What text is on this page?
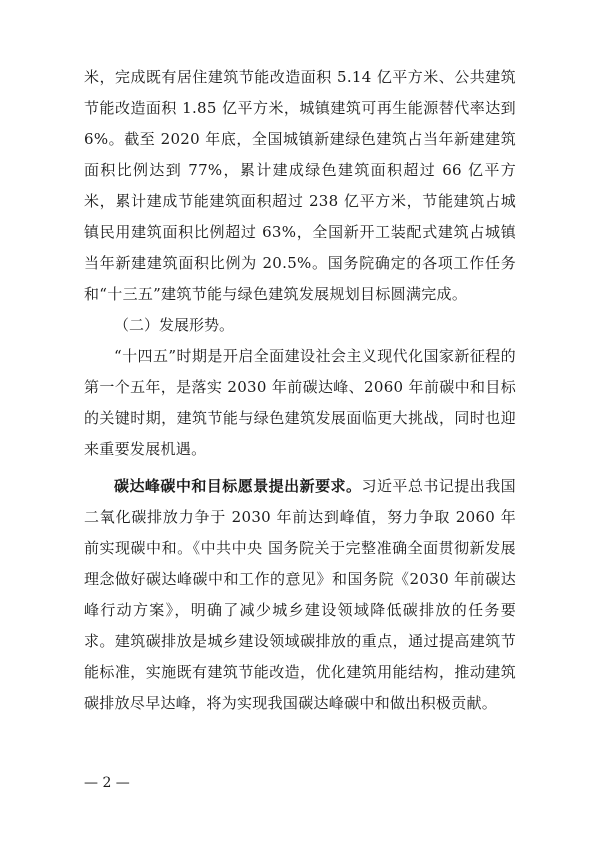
米，完成既有居住建筑节能改造面积 5.14 亿平方米、公共建筑节能改造面积 1.85 亿平方米，城镇建筑可再生能源替代率达到 6%。截至 2020 年底，全国城镇新建绿色建筑占当年新建建筑面积比例达到 77%，累计建成绿色建筑面积超过 66 亿平方米，累计建成节能建筑面积超过 238 亿平方米，节能建筑占城镇民用建筑面积比例超过 63%，全国新开工装配式建筑占城镇当年新建建筑面积比例为 20.5%。国务院确定的各项工作任务和“十三五”建筑节能与绿色建筑发展规划目标圆满完成。

（二）发展形势。

“十四五”时期是开启全面建设社会主义现代化国家新征程的第一个五年，是落实 2030 年前碳达峰、2060 年前碳中和目标的关键时期，建筑节能与绿色建筑发展面临更大挑战，同时也迎来重要发展机遇。

碳达峰碳中和目标愿景提出新要求。习近平总书记提出我国二氧化碳排放力争于 2030 年前达到峰值，努力争取 2060 年前实现碳中和。《中共中央 国务院关于完整准确全面贯彻新发展理念做好碳达峰碳中和工作的意见》和国务院《2030 年前碳达峰行动方案》，明确了减少城乡建设领域降低碳排放的任务要求。建筑碳排放是城乡建设领域碳排放的重点，通过提高建筑节能标准，实施既有建筑节能改造，优化建筑用能结构，推动建筑碳排放尽早达峰，将为实现我国碳达峰碳中和做出积极贡献。

— 2 —
